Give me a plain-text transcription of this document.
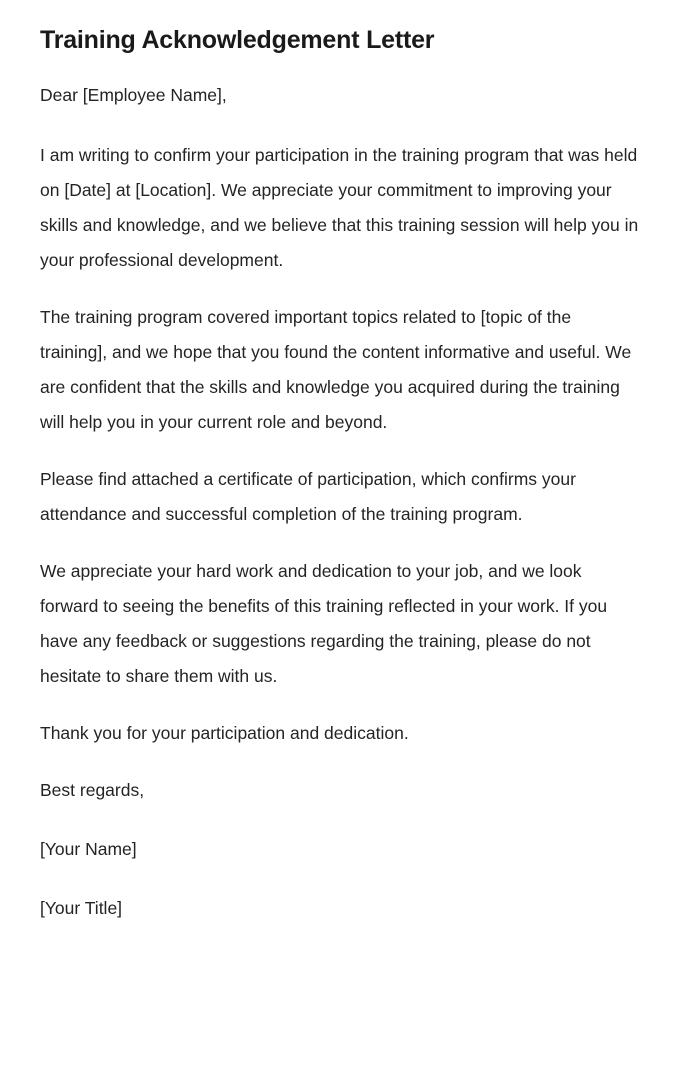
Training Acknowledgement Letter

Dear [Employee Name],

I am writing to confirm your participation in the training program that was held on [Date] at [Location]. We appreciate your commitment to improving your skills and knowledge, and we believe that this training session will help you in your professional development.

The training program covered important topics related to [topic of the training], and we hope that you found the content informative and useful. We are confident that the skills and knowledge you acquired during the training will help you in your current role and beyond.

Please find attached a certificate of participation, which confirms your attendance and successful completion of the training program.

We appreciate your hard work and dedication to your job, and we look forward to seeing the benefits of this training reflected in your work. If you have any feedback or suggestions regarding the training, please do not hesitate to share them with us.

Thank you for your participation and dedication.

Best regards,

[Your Name]

[Your Title]
